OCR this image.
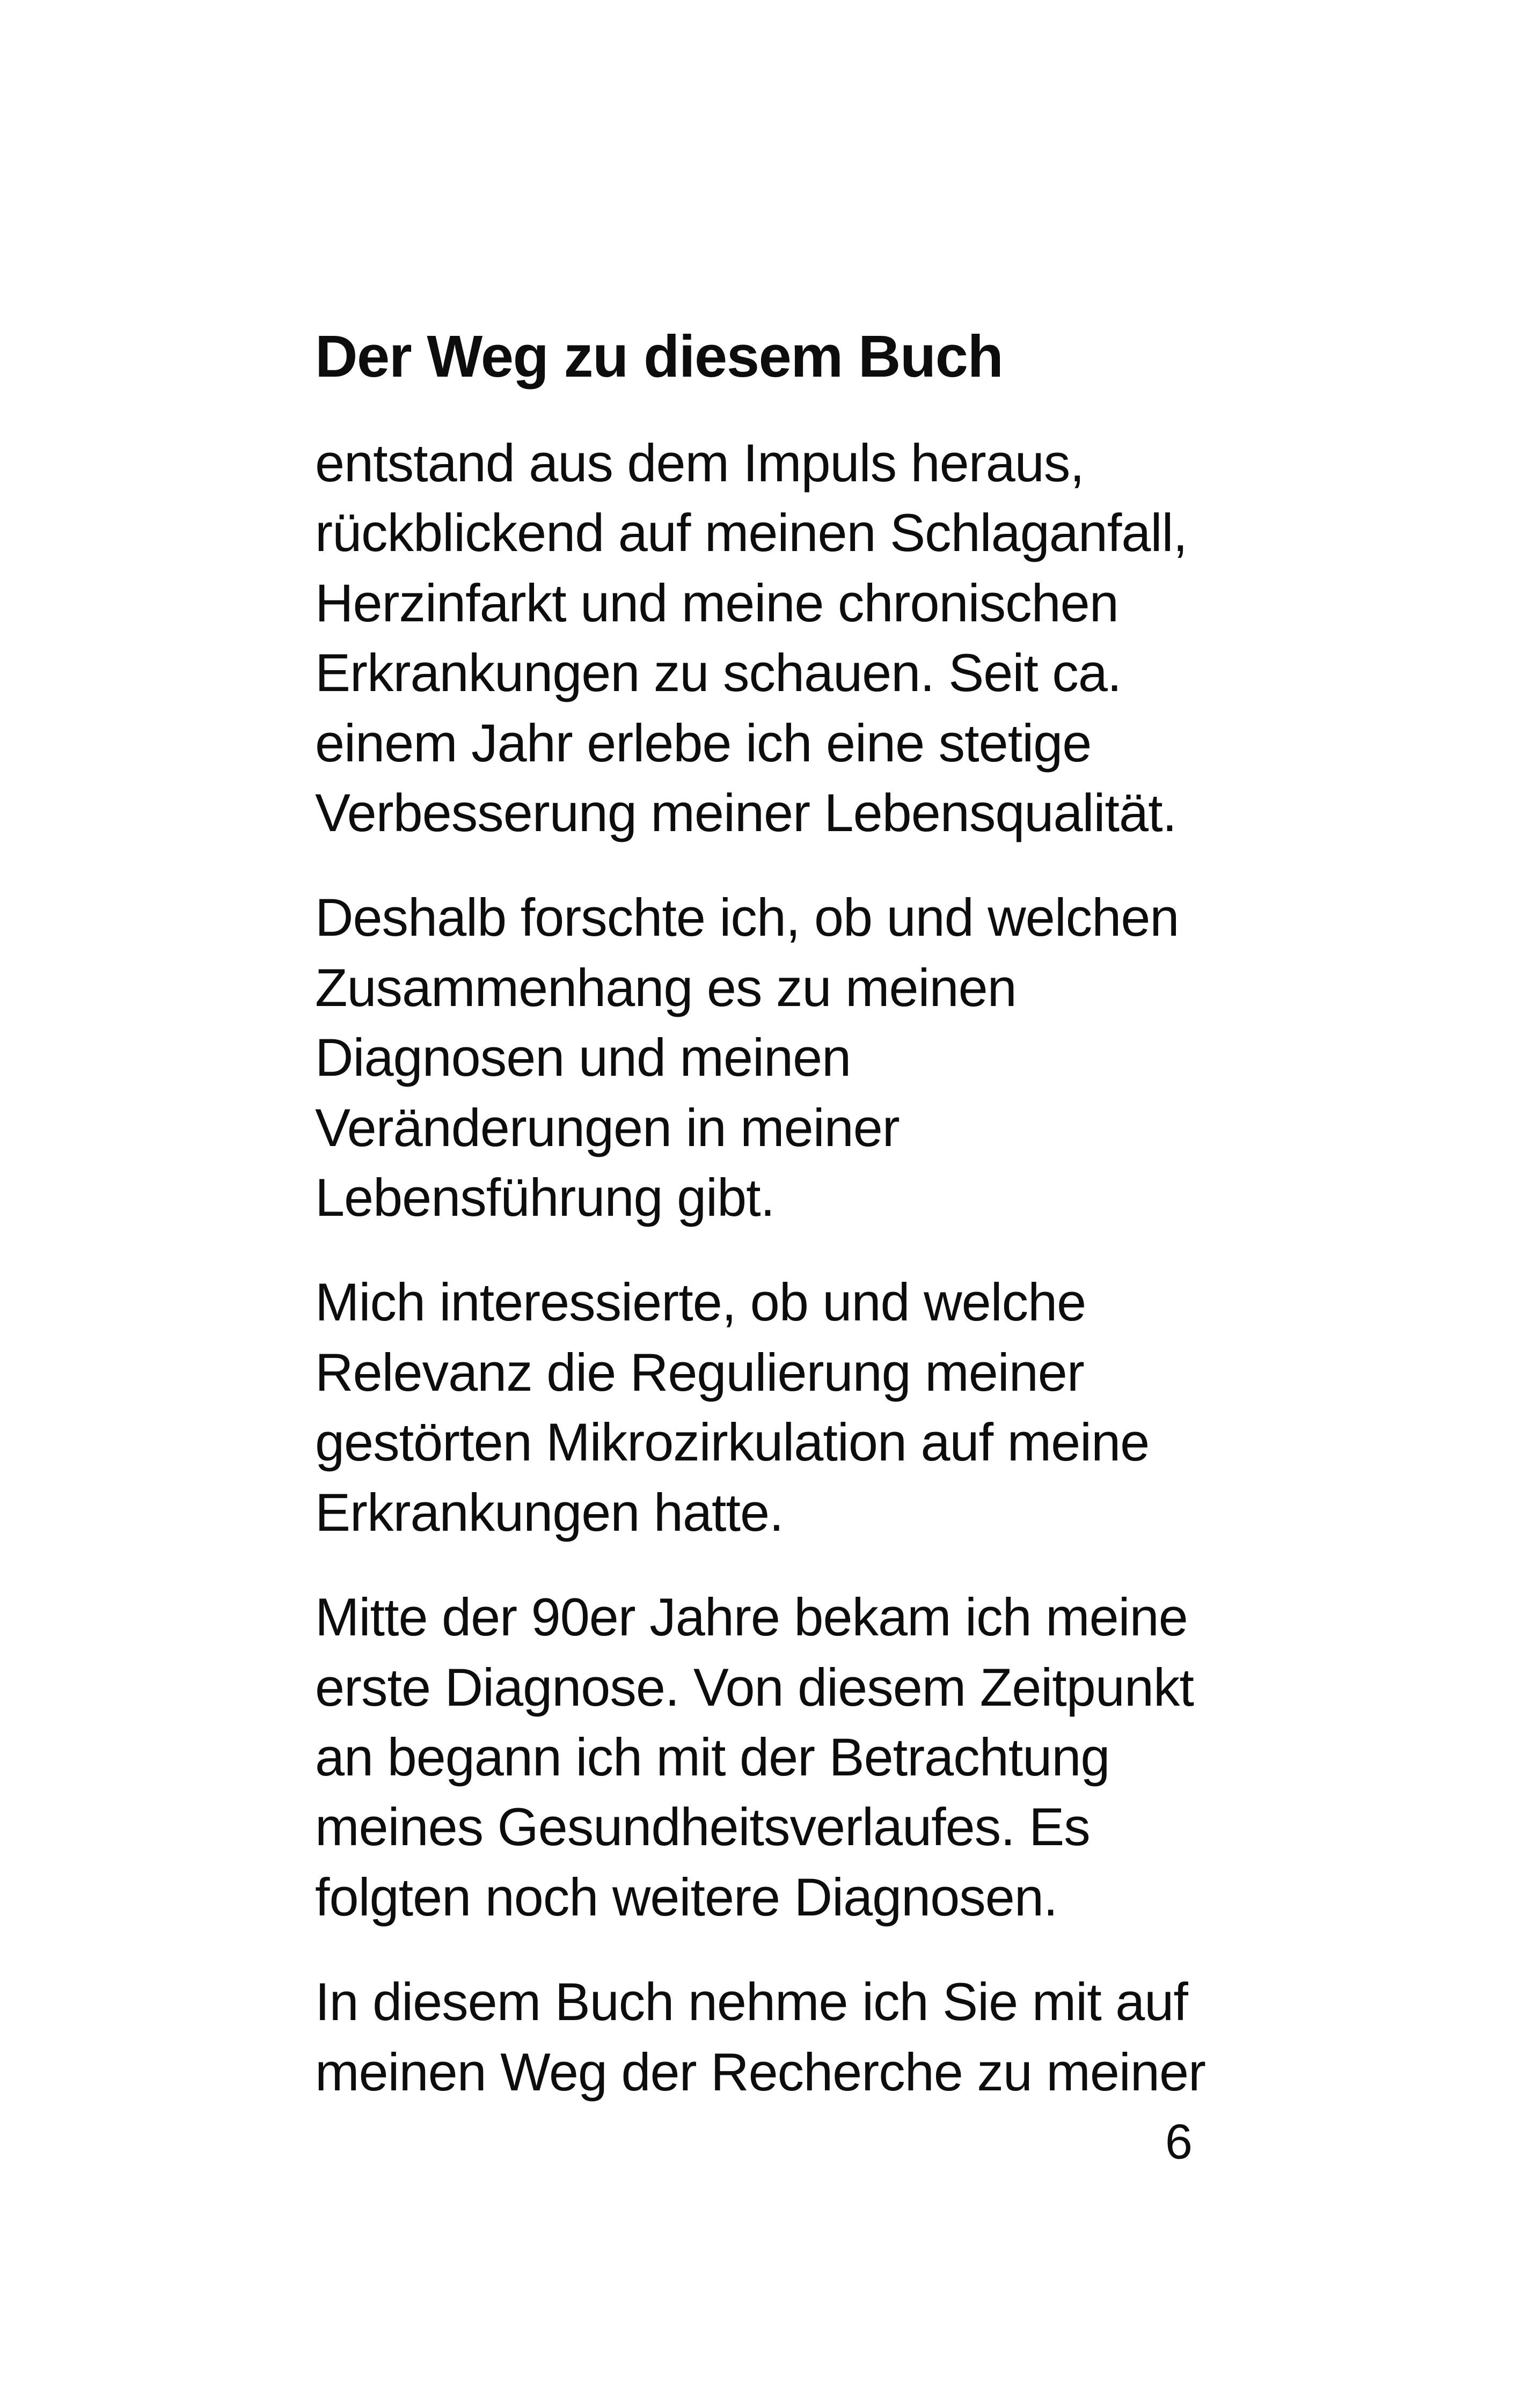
Der Weg zu diesem Buch

entstand aus dem Impuls heraus,
rückblickend auf meinen Schlaganfall,
Herzinfarkt und meine chronischen
Erkrankungen zu schauen. Seit ca.
einem Jahr erlebe ich eine stetige
Verbesserung meiner Lebensqualität.

Deshalb forschte ich, ob und welchen
Zusammenhang es zu meinen
Diagnosen und meinen
Veränderungen in meiner
Lebensführung gibt.

Mich interessierte, ob und welche
Relevanz die Regulierung meiner
gestörten Mikrozirkulation auf meine
Erkrankungen hatte.

Mitte der 90er Jahre bekam ich meine
erste Diagnose. Von diesem Zeitpunkt
an begann ich mit der Betrachtung
meines Gesundheitsverlaufes. Es
folgten noch weitere Diagnosen.

In diesem Buch nehme ich Sie mit auf
meinen Weg der Recherche zu meiner

6
